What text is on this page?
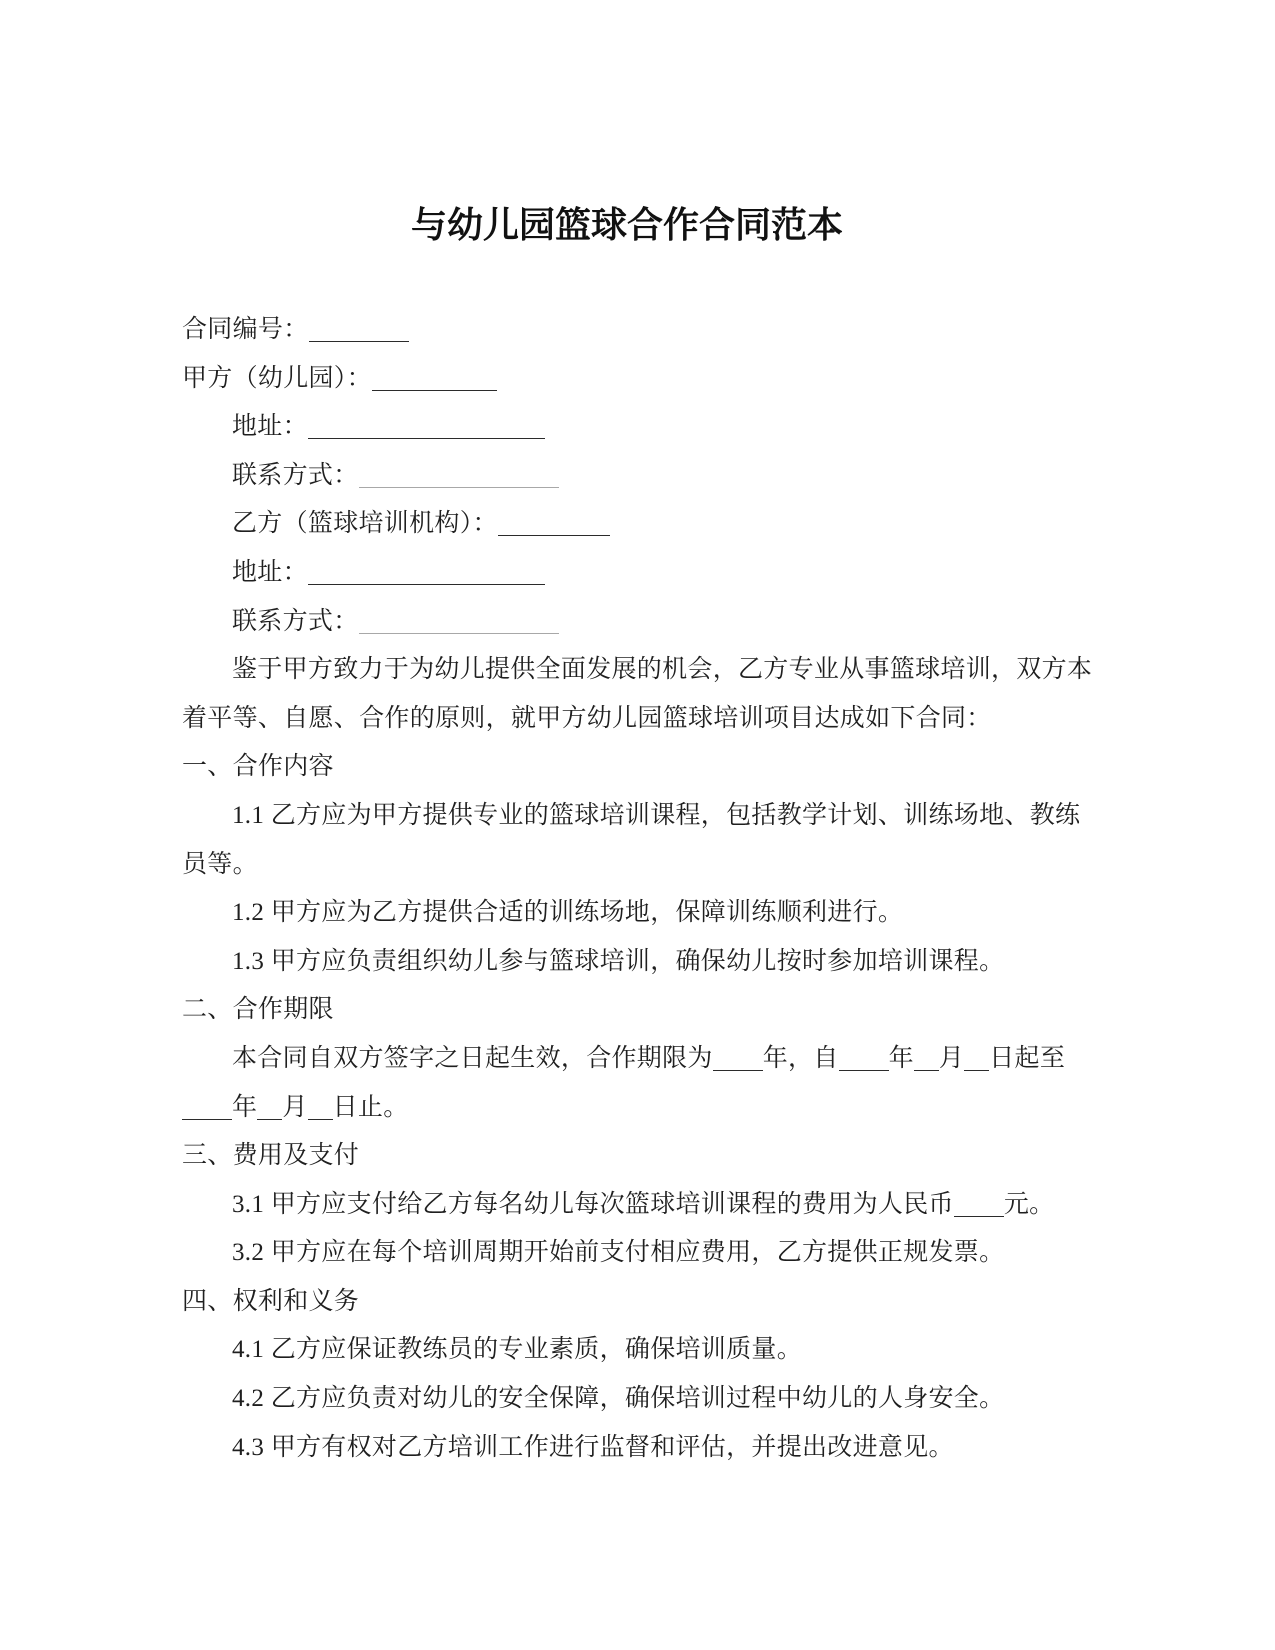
与幼儿园篮球合作合同范本
合同编号：
甲方（幼儿园）：
地址：
联系方式：
乙方（篮球培训机构）：
地址：
联系方式：
鉴于甲方致力于为幼儿提供全面发展的机会，乙方专业从事篮球培训，双方本
着平等、自愿、合作的原则，就甲方幼儿园篮球培训项目达成如下合同：
一、合作内容
1.1 乙方应为甲方提供专业的篮球培训课程，包括教学计划、训练场地、教练
员等。
1.2 甲方应为乙方提供合适的训练场地，保障训练顺利进行。
1.3 甲方应负责组织幼儿参与篮球培训，确保幼儿按时参加培训课程。
二、合作期限
本合同自双方签字之日起生效，合作期限为 年，自 年 月 日起至
年 月 日止。
三、费用及支付
3.1 甲方应支付给乙方每名幼儿每次篮球培训课程的费用为人民币 元。
3.2 甲方应在每个培训周期开始前支付相应费用，乙方提供正规发票。
四、权利和义务
4.1 乙方应保证教练员的专业素质，确保培训质量。
4.2 乙方应负责对幼儿的安全保障，确保培训过程中幼儿的人身安全。
4.3 甲方有权对乙方培训工作进行监督和评估，并提出改进意见。
